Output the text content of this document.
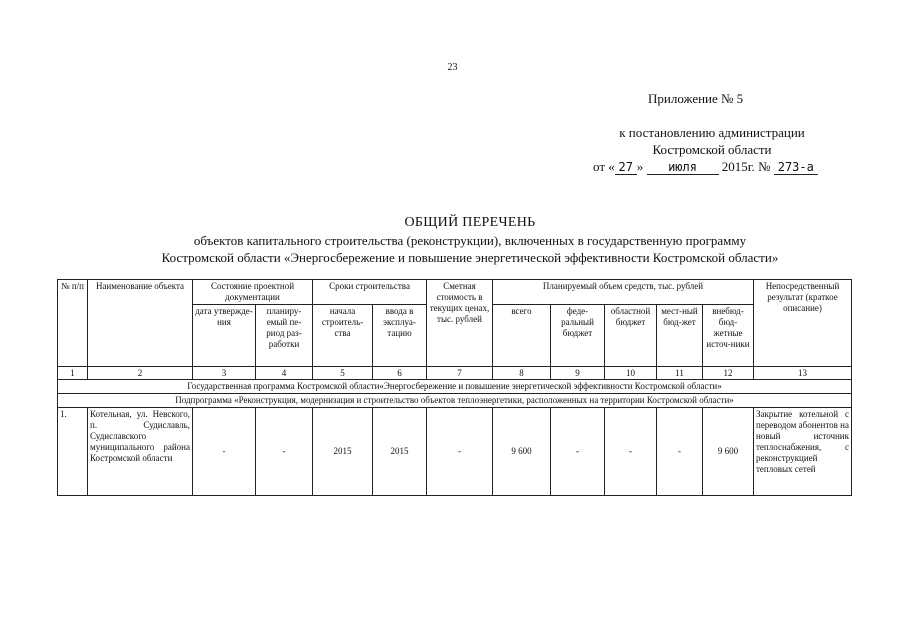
23
Приложение № 5
к постановлению администрации
Костромской области
от « 27 » июля 2015г. № 273-а
ОБЩИЙ ПЕРЕЧЕНЬ
объектов капитального строительства (реконструкции), включенных в государственную программу
Костромской области «Энергосбережение и повышение энергетической эффективности Костромской области»
№ п/п	Наименование объекта	Состояние проектной документации		Сроки строительства		Сметная стоимость в текущих ценах, тыс. рублей	Планируемый объем средств, тыс. рублей					Непосредственный результат (краткое описание)
		дата утвержде-ния	планиру-емый пе-риод раз-работки	начала строитель-ства	ввода в эксплуа-тацию		всего	феде-ральный бюджет	областной бюджет	мест-ный бюд-жет	внебюд-бюд-жетные источ-ники	
1	2	3	4	5	6	7	8	9	10	11	12	13
Государственная программа Костромской области«Энергосбережение и повышение энергетической эффективности Костромской области»												
Подпрограмма «Реконструкция, модернизация и строительство объектов теплоэнергетики, расположенных на территории Костромской области»												
1.	Котельная, ул. Невского, п. Судиславль, Судиславского муниципального района Костромской области	-	-	2015	2015	-	9 600	-	-	-	9 600	Закрытие котельной с переводом абонентов на новый источник теплоснабжения, с реконструкцией тепловых сетей
